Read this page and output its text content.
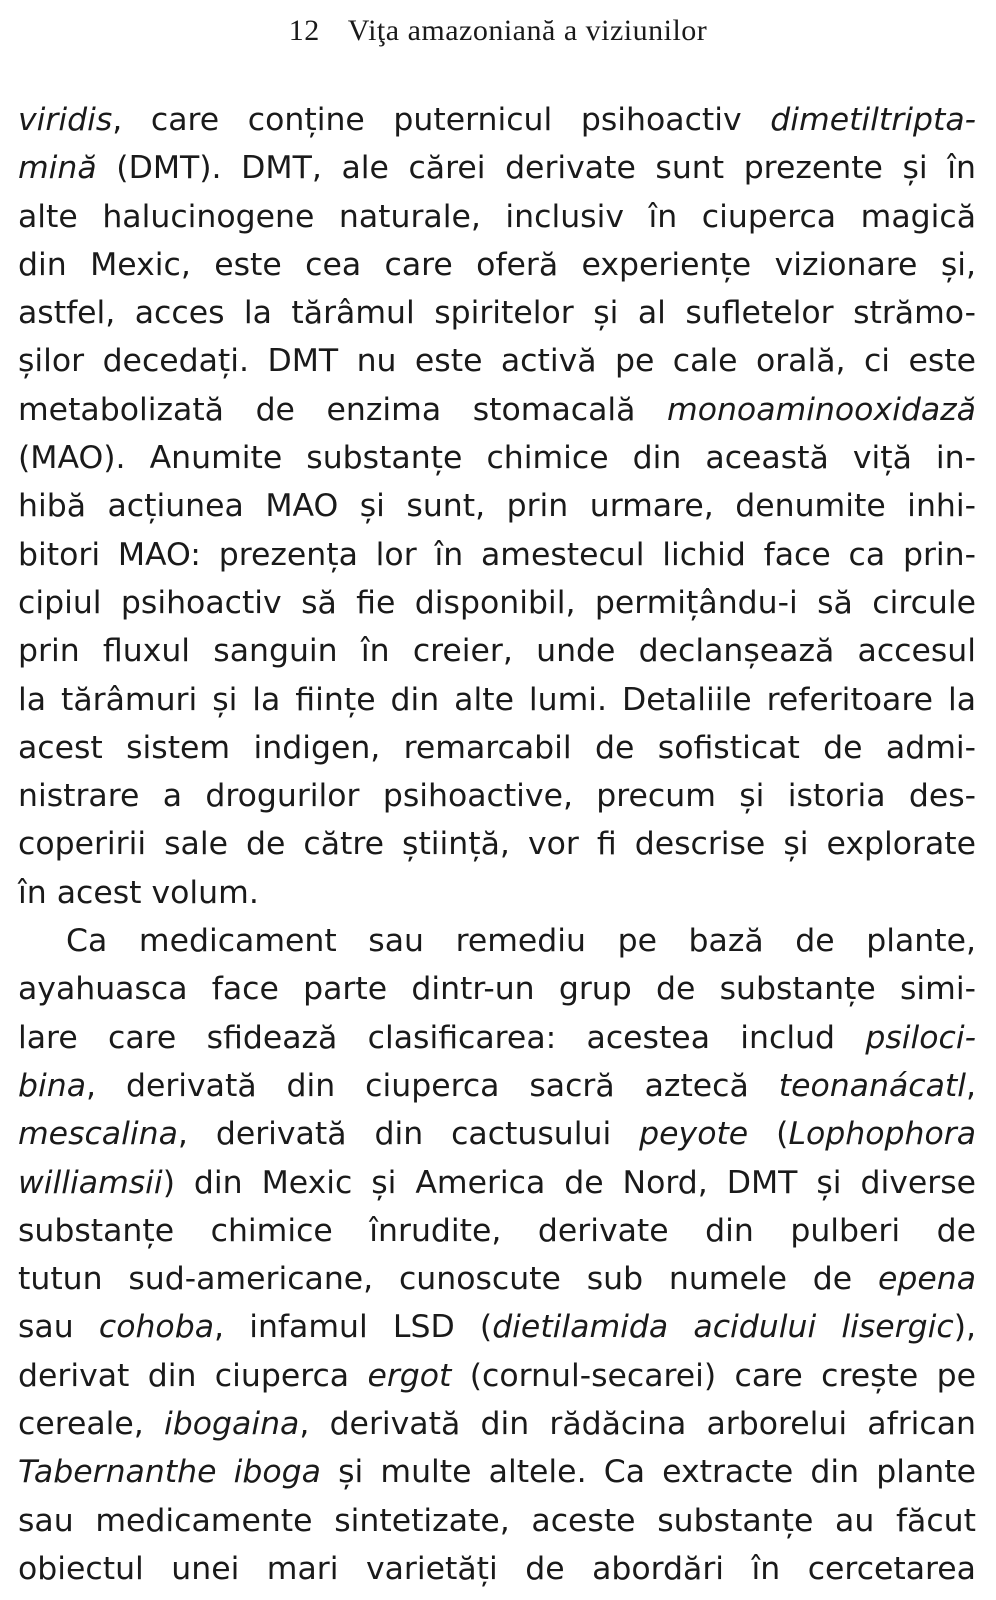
12 Viţa amazoniană a viziunilor

viridis, care conține puternicul psihoactiv dimetiltripta-
mină (DMT). DMT, ale cărei derivate sunt prezente și în
alte halucinogene naturale, inclusiv în ciuperca magică
din Mexic, este cea care oferă experiențe vizionare și,
astfel, acces la tărâmul spiritelor și al sufletelor strămo-
șilor decedați. DMT nu este activă pe cale orală, ci este
metabolizată de enzima stomacală monoaminooxidază
(MAO). Anumite substanțe chimice din această viță in-
hibă acțiunea MAO și sunt, prin urmare, denumite inhi-
bitori MAO: prezența lor în amestecul lichid face ca prin-
cipiul psihoactiv să fie disponibil, permițându-i să circule
prin fluxul sanguin în creier, unde declanșează accesul
la tărâmuri și la ființe din alte lumi. Detaliile referitoare la
acest sistem indigen, remarcabil de sofisticat de admi-
nistrare a drogurilor psihoactive, precum și istoria des-
coperirii sale de către știință, vor fi descrise și explorate
în acest volum.

Ca medicament sau remediu pe bază de plante,
ayahuasca face parte dintr-un grup de substanțe simi-
lare care sfidează clasificarea: acestea includ psiloci-
bina, derivată din ciuperca sacră aztecă teonanácatl,
mescalina, derivată din cactusului peyote (Lophophora
williamsii) din Mexic și America de Nord, DMT și diverse
substanțe chimice înrudite, derivate din pulberi de
tutun sud-americane, cunoscute sub numele de epena
sau cohoba, infamul LSD (dietilamida acidului lisergic),
derivat din ciuperca ergot (cornul-secarei) care crește pe
cereale, ibogaina, derivată din rădăcina arborelui african
Tabernanthe iboga și multe altele. Ca extracte din plante
sau medicamente sintetizate, aceste substanțe au făcut
obiectul unei mari varietăți de abordări în cercetarea
